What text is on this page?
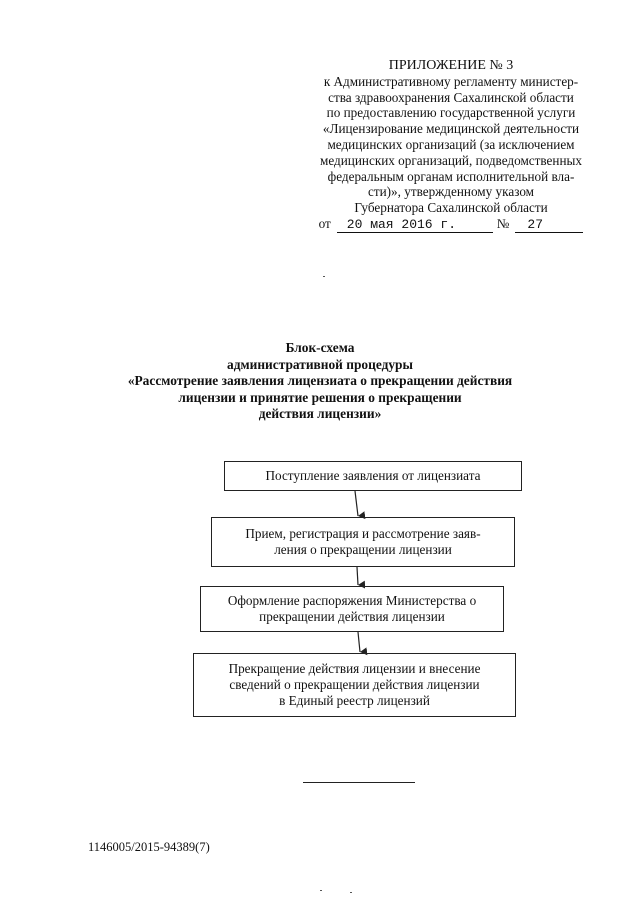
ПРИЛОЖЕНИЕ № 3
к Административному регламенту министер-
ства здравоохранения Сахалинской области
по предоставлению государственной услуги
«Лицензирование медицинской деятельности
медицинских организаций (за исключением
медицинских организаций, подведомственных
федеральным органам исполнительной вла-
сти)», утвержденному указом
Губернатора Сахалинской области
от	20 мая 2016 г.	№	27
Блок-схема
административной процедуры
«Рассмотрение заявления лицензиата о прекращении действия
лицензии и принятие решения о прекращении
действия лицензии»
Поступление заявления от лицензиата
Прием, регистрация и рассмотрение заяв-
ления о прекращении лицензии
Оформление распоряжения Министерства о
прекращении действия лицензии
Прекращение действия лицензии и внесение
сведений о прекращении действия лицензии
в Единый реестр лицензий
1146005/2015-94389(7)
